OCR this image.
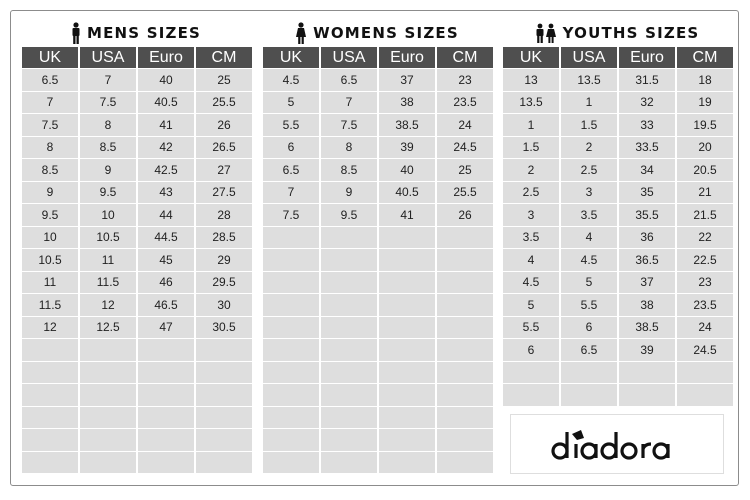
MENS SIZES
UK	USA	Euro	CM
6.5	7	40	25
7	7.5	40.5	25.5
7.5	8	41	26
8	8.5	42	26.5
8.5	9	42.5	27
9	9.5	43	27.5
9.5	10	44	28
10	10.5	44.5	28.5
10.5	11	45	29
11	11.5	46	29.5
11.5	12	46.5	30
12	12.5	47	30.5

WOMENS SIZES
UK	USA	Euro	CM
4.5	6.5	37	23
5	7	38	23.5
5.5	7.5	38.5	24
6	8	39	24.5
6.5	8.5	40	25
7	9	40.5	25.5
7.5	9.5	41	26

YOUTHS SIZES
UK	USA	Euro	CM
13	13.5	31.5	18
13.5	1	32	19
1	1.5	33	19.5
1.5	2	33.5	20
2	2.5	34	20.5
2.5	3	35	21
3	3.5	35.5	21.5
3.5	4	36	22
4	4.5	36.5	22.5
4.5	5	37	23
5	5.5	38	23.5
5.5	6	38.5	24
6	6.5	39	24.5
